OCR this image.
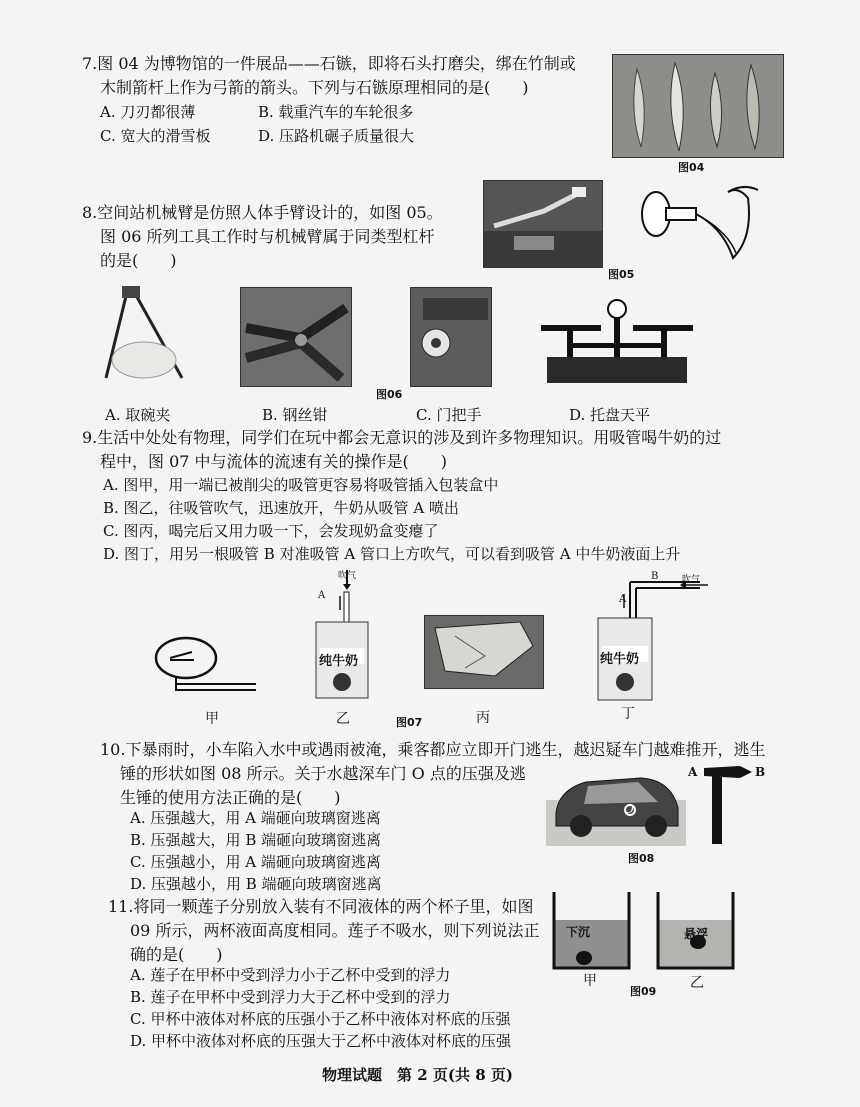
7.图 04 为博物馆的一件展品——石镞，即将石头打磨尖，绑在竹制或
木制箭杆上作为弓箭的箭头。下列与石镞原理相同的是(　　)
A. 刀刃都很薄	B. 载重汽车的车轮很多
C. 宽大的滑雪板	D. 压路机碾子质量很大
图04
8.空间站机械臂是仿照人体手臂设计的，如图 05。
图 06 所列工具工作时与机械臂属于同类型杠杆
的是(　　)
图05
图06
A. 取碗夹	B. 钢丝钳	C. 门把手	D. 托盘天平
9.生活中处处有物理，同学们在玩中都会无意识的涉及到许多物理知识。用吸管喝牛奶的过
程中，图 07 中与流体的流速有关的操作是(　　)
A. 图甲，用一端已被削尖的吸管更容易将吸管插入包装盒中
B. 图乙，往吸管吹气，迅速放开，牛奶从吸管 A 喷出
C. 图丙，喝完后又用力吸一下，会发现奶盒变瘪了
D. 图丁，用另一根吸管 B 对准吸管 A 管口上方吹气，可以看到吸管 A 中牛奶液面上升
甲
吹气
A
纯牛奶
乙	丙
B	吹气
A
纯牛奶
丁
图07
10.下暴雨时，小车陷入水中或遇雨被淹，乘客都应立即开门逃生，越迟疑车门越难推开，逃生
锤的形状如图 08 所示。关于水越深车门 O 点的压强及逃
生锤的使用方法正确的是(　　)
A. 压强越大，用 A 端砸向玻璃窗逃离
B. 压强越大，用 B 端砸向玻璃窗逃离
C. 压强越小，用 A 端砸向玻璃窗逃离
D. 压强越小，用 B 端砸向玻璃窗逃离
O
A	B
图08
11.将同一颗莲子分别放入装有不同液体的两个杯子里，如图
09 所示，两杯液面高度相同。莲子不吸水，则下列说法正
确的是(　　)
A. 莲子在甲杯中受到浮力小于乙杯中受到的浮力
B. 莲子在甲杯中受到浮力大于乙杯中受到的浮力
C. 甲杯中液体对杯底的压强小于乙杯中液体对杯底的压强
D. 甲杯中液体对杯底的压强大于乙杯中液体对杯底的压强
下沉
甲
悬浮
乙
图09
物理试题　第 2 页(共 8 页)
